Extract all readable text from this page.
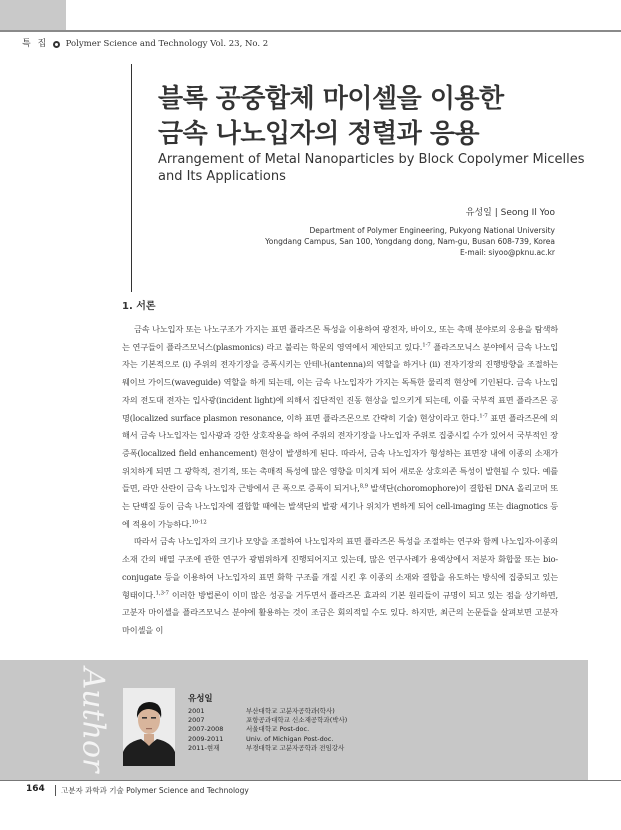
특 집 Polymer Science and Technology Vol. 23, No. 2
블록 공중합체 마이셀을 이용한
금속 나노입자의 정렬과 응용
Arrangement of Metal Nanoparticles by Block Copolymer Micelles
and Its Applications
유성일 | Seong Il Yoo
Department of Polymer Engineering, Pukyong National University
Yongdang Campus, San 100, Yongdang dong, Nam-gu, Busan 608-739, Korea
E-mail: siyoo@pknu.ac.kr
1. 서론

금속 나노입자 또는 나노구조가 가지는 표면 플라즈몬 특성을 이용하여 광전자, 바이오, 또는 촉매 분야로의 응용을 탐색하는 연구들이 플라즈모닉스(plasmonics) 라고 불리는 학문의 영역에서 제안되고 있다.$^{1-7}$ 플라즈모닉스 분야에서 금속 나노입자는 기본적으로 (i) 주위의 전자기장을 증폭시키는 안테나(antenna)의 역할을 하거나 (ii) 전자기장의 진행방향을 조절하는 웨이브 가이드(waveguide) 역할을 하게 되는데, 이는 금속 나노입자가 가지는 독특한 물리적 현상에 기인된다. 금속 나노입자의 전도대 전자는 입사광(incident light)에 의해서 집단적인 진동 현상을 일으키게 되는데, 이를 국부적 표면 플라즈몬 공명(localized surface plasmon resonance, 이하 표면 플라즈몬으로 간략히 기술) 현상이라고 한다.$^{1-7}$ 표면 플라즈몬에 의해서 금속 나노입자는 입사광과 강한 상호작용을 하여 주위의 전자기장을 나노입자 주위로 집중시킬 수가 있어서 국부적인 장 증폭(localized field enhancement) 현상이 발생하게 된다. 따라서, 금속 나노입자가 형성하는 표면장 내에 이종의 소재가 위치하게 되면 그 광학적, 전기적, 또는 촉매적 특성에 많은 영향을 미치게 되어 새로운 상호의존 특성이 발현될 수 있다. 예를 들면, 라만 산란이 금속 나노입자 근방에서 큰 폭으로 증폭이 되거나,$^{8,9}$ 발색단(choromophore)이 결합된 DNA 올리고머 또는 단백질 등이 금속 나노입자에 결합할 때에는 발색단의 발광 세기나 위치가 변하게 되어 cell-imaging 또는 diagnotics 등에 적용이 가능하다.$^{10-12}$

따라서 금속 나노입자의 크기나 모양을 조절하여 나노입자의 표면 플라즈몬 특성을 조절하는 연구와 함께 나노입자-이종의 소재 간의 배열 구조에 관한 연구가 광범위하게 진행되어지고 있는데, 많은 연구사례가 용액상에서 저분자 화합물 또는 bio-conjugate 등을 이용하여 나노입자의 표면 화학 구조를 개질 시킨 후 이종의 소재와 결합을 유도하는 방식에 집중되고 있는 형태이다.$^{1,3-7}$ 이러한 방법론이 이미 많은 성공을 거두면서 플라즈몬 효과의 기본 원리들이 규명이 되고 있는 점을 상기하면, 고분자 마이셀을 플라즈모닉스 분야에 활용하는 것이 조금은 회의적일 수도 있다. 하지만, 최근의 논문들을 살펴보면 고분자 마이셀을 이

Author	유성일
2001	부산대학교 고분자공학과(학사)
2007	포항공과대학교 신소재공학과(박사)
2007-2008	서울대학교 Post-doc.
2009-2011	Univ. of Michigan Post-doc.
2011-현재	부경대학교 고분자공학과 전임강사
164 고분자 과학과 기술 Polymer Science and Technology
